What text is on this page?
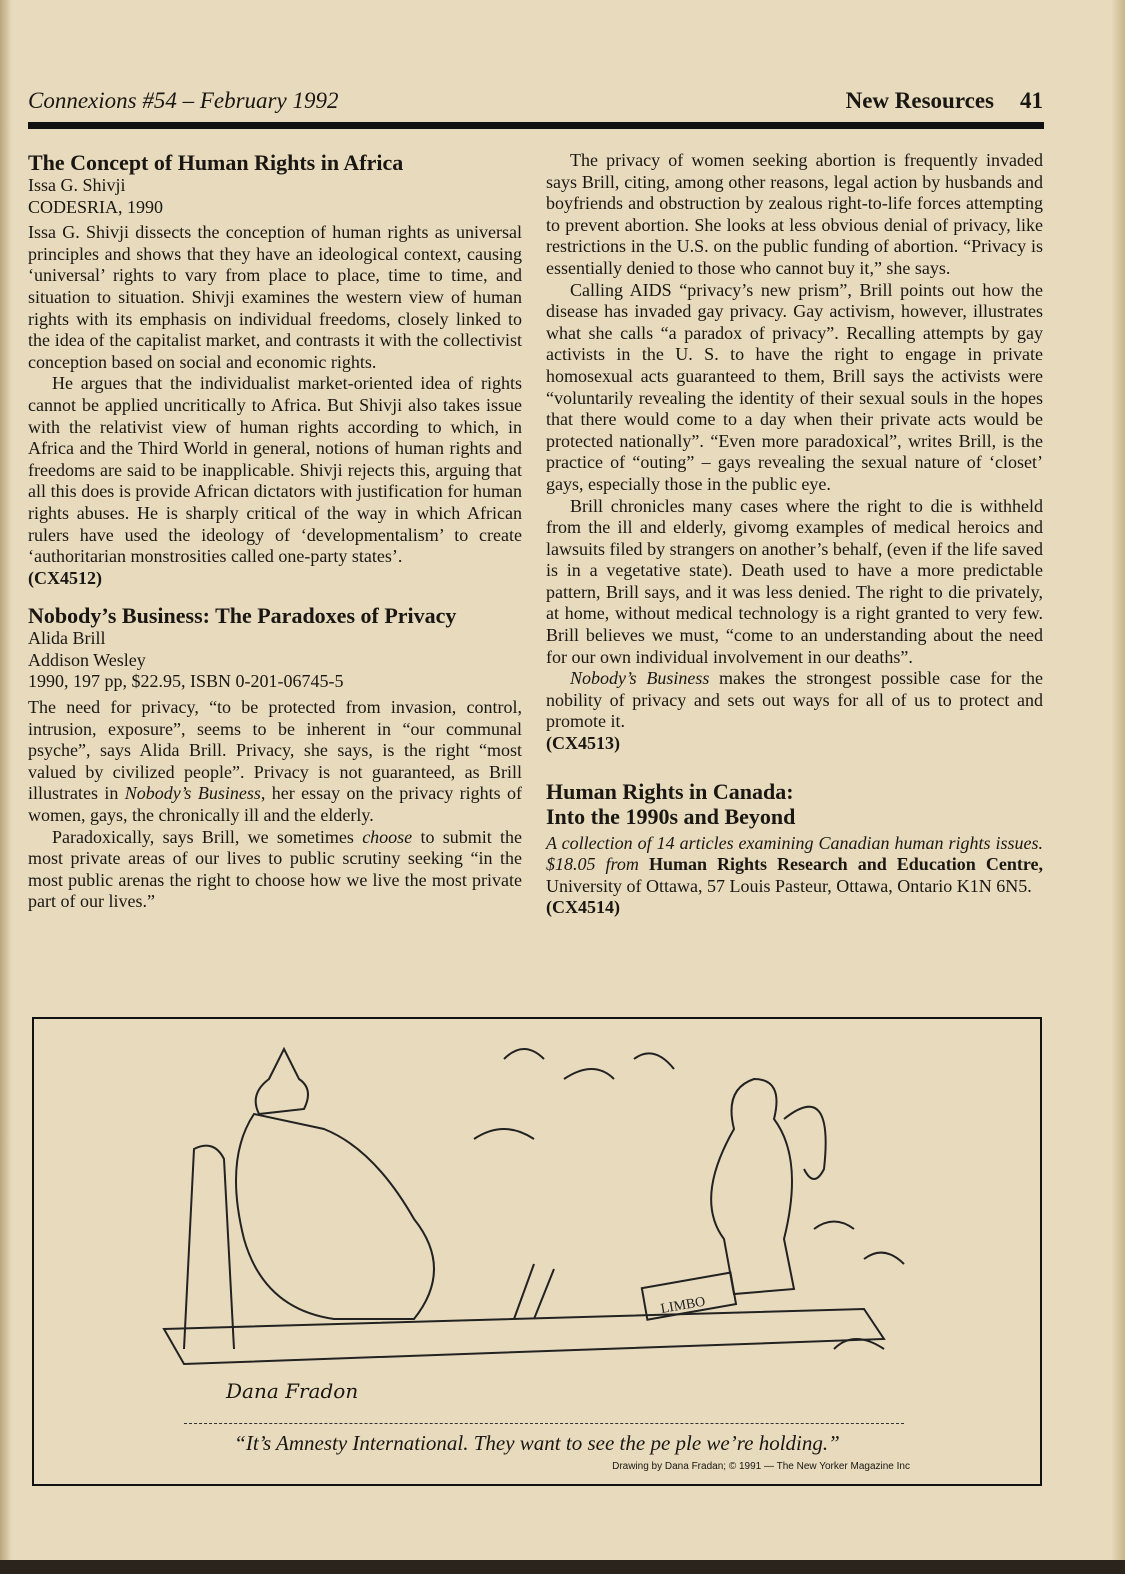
Connexions #54 – February 1992	New Resources 41
The Concept of Human Rights in Africa
Issa G. Shivji
CODESRIA, 1990

Issa G. Shivji dissects the conception of human rights as universal principles and shows that they have an ideological context, causing ‘universal’ rights to vary from place to place, time to time, and situation to situation. Shivji examines the western view of human rights with its emphasis on individual freedoms, closely linked to the idea of the capitalist market, and contrasts it with the collectivist conception based on social and economic rights.

He argues that the individualist market-oriented idea of rights cannot be applied uncritically to Africa. But Shivji also takes issue with the relativist view of human rights according to which, in Africa and the Third World in general, notions of human rights and freedoms are said to be inapplicable. Shivji rejects this, arguing that all this does is provide African dictators with justification for human rights abuses. He is sharply critical of the way in which African rulers have used the ideology of ‘developmentalism’ to create ‘authoritarian monstrosities called one-party states’.

(CX4512)
Nobody’s Business: The Paradoxes of Privacy
Alida Brill
Addison Wesley
1990, 197 pp, $22.95, ISBN 0-201-06745-5

The need for privacy, “to be protected from invasion, control, intrusion, exposure”, seems to be inherent in “our communal psyche”, says Alida Brill. Privacy, she says, is the right “most valued by civilized people”. Privacy is not guaranteed, as Brill illustrates in Nobody’s Business, her essay on the privacy rights of women, gays, the chronically ill and the elderly.

Paradoxically, says Brill, we sometimes choose to submit the most private areas of our lives to public scrutiny seeking “in the most public arenas the right to choose how we live the most private part of our lives.”

The privacy of women seeking abortion is frequently invaded says Brill, citing, among other reasons, legal action by husbands and boyfriends and obstruction by zealous right-to-life forces attempting to prevent abortion. She looks at less obvious denial of privacy, like restrictions in the U.S. on the public funding of abortion. “Privacy is essentially denied to those who cannot buy it,” she says.

Calling AIDS “privacy’s new prism”, Brill points out how the disease has invaded gay privacy. Gay activism, however, illustrates what she calls “a paradox of privacy”. Recalling attempts by gay activists in the U. S. to have the right to engage in private homosexual acts guaranteed to them, Brill says the activists were “voluntarily revealing the identity of their sexual souls in the hopes that there would come to a day when their private acts would be protected nationally”. “Even more paradoxical”, writes Brill, is the practice of “outing” – gays revealing the sexual nature of ‘closet’ gays, especially those in the public eye.

Brill chronicles many cases where the right to die is withheld from the ill and elderly, givomg examples of medical heroics and lawsuits filed by strangers on another’s behalf, (even if the life saved is in a vegetative state). Death used to have a more predictable pattern, Brill says, and it was less denied. The right to die privately, at home, without medical technology is a right granted to very few. Brill believes we must, “come to an understanding about the need for our own individual involvement in our deaths”.

Nobody’s Business makes the strongest possible case for the nobility of privacy and sets out ways for all of us to protect and promote it.

(CX4513)
Human Rights in Canada:
Into the 1990s and Beyond

A collection of 14 articles examining Canadian human rights issues. $18.05 from Human Rights Research and Education Centre, University of Ottawa, 57 Louis Pasteur, Ottawa, Ontario K1N 6N5.

(CX4514)
LIMBO
Dana Fradon
“It’s Amnesty International. They want to see the pe ple we’re holding.”
Drawing by Dana Fradan; © 1991 — The New Yorker Magazine Inc
